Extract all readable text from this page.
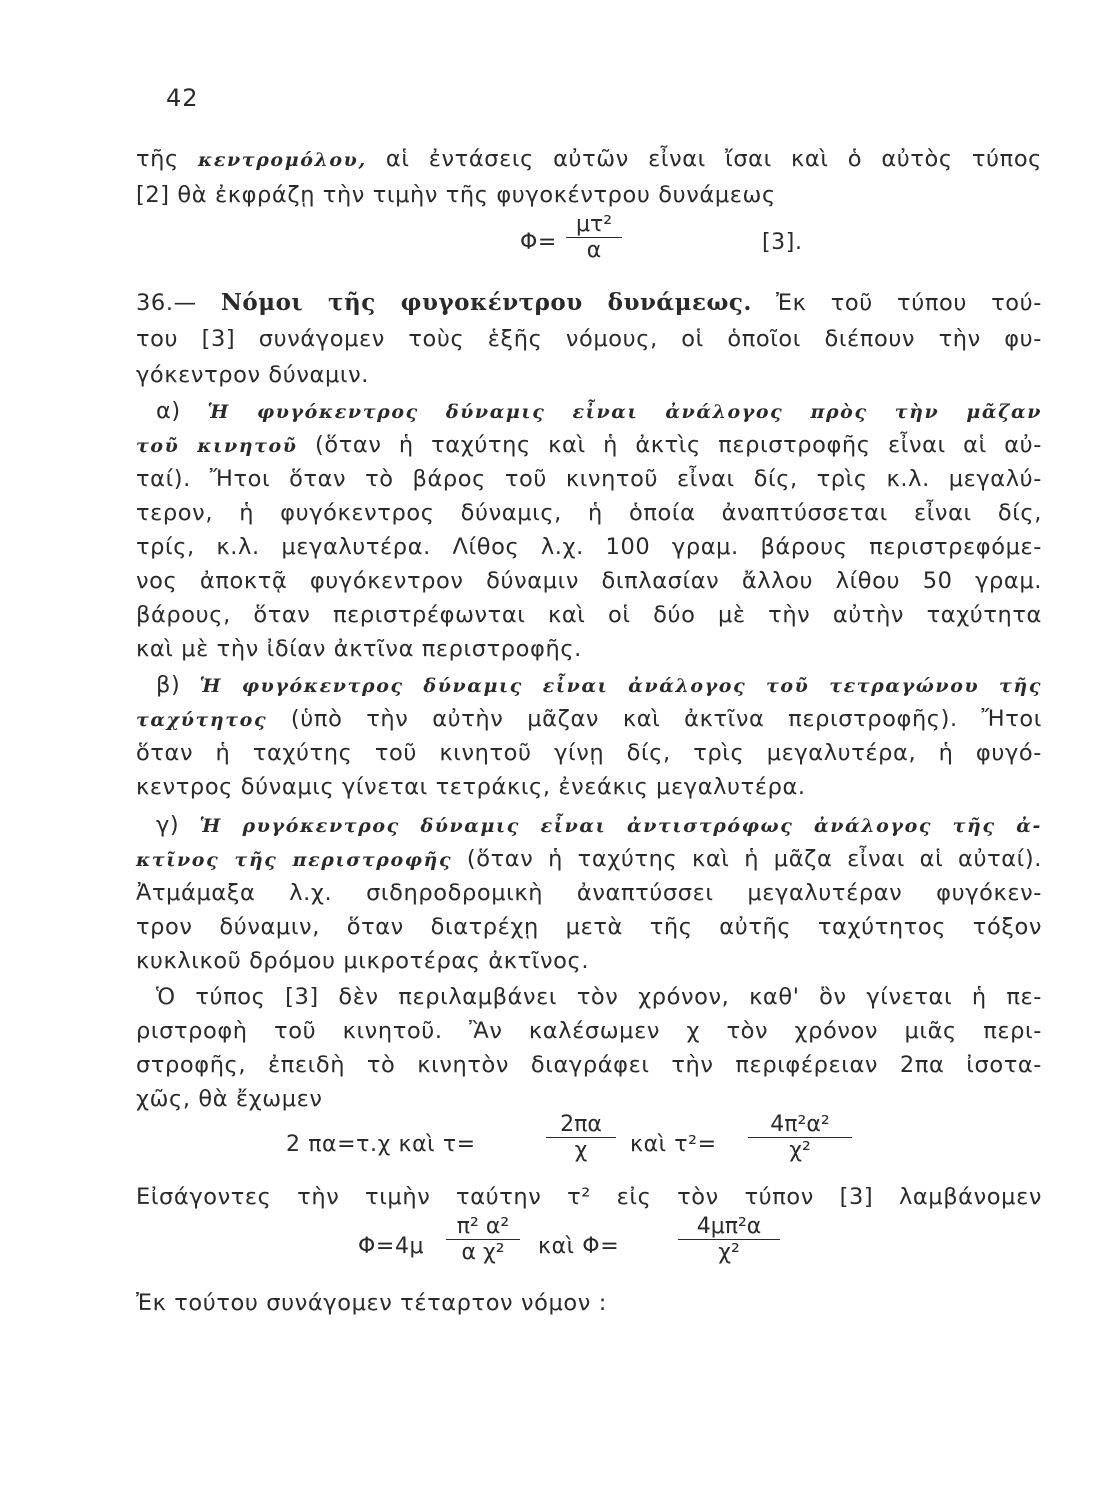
42
τῆς κεντρομόλου, αἱ ἐντάσεις αὐτῶν εἶναι ἴσαι καὶ ὁ αὐτὸς τύπος
[2] θὰ ἐκφράζῃ τὴν τιμὴν τῆς φυγοκέντρου δυνάμεως
Φ=
μτ²
α	[3].
36.— Νόμοι τῆς φυγοκέντρου δυνάμεως. Ἐκ τοῦ τύπου τού-
του [3] συνάγομεν τοὺς ἑξῆς νόμους, οἱ ὁποῖοι διέπουν τὴν φυ-
γόκεντρον δύναμιν.
α) Ἡ φυγόκεντρος δύναμις εἶναι ἀνάλογος πρὸς τὴν μᾶζαν
τοῦ κινητοῦ (ὅταν ἡ ταχύτης καὶ ἡ ἀκτὶς περιστροφῆς εἶναι αἱ αὐ-
ταί). Ἤτοι ὅταν τὸ βάρος τοῦ κινητοῦ εἶναι δίς, τρὶς κ.λ. μεγαλύ-
τερον, ἡ φυγόκεντρος δύναμις, ἡ ὁποία ἀναπτύσσεται εἶναι δίς,
τρίς, κ.λ. μεγαλυτέρα. Λίθος λ.χ. 100 γραμ. βάρους περιστρεφόμε-
νος ἀποκτᾷ φυγόκεντρον δύναμιν διπλασίαν ἄλλου λίθου 50 γραμ.
βάρους, ὅταν περιστρέφωνται καὶ οἱ δύο μὲ τὴν αὐτὴν ταχύτητα
καὶ μὲ τὴν ἰδίαν ἀκτῖνα περιστροφῆς.
β) Ἡ φυγόκεντρος δύναμις εἶναι ἀνάλογος τοῦ τετραγώνου τῆς
ταχύτητος (ὑπὸ τὴν αὐτὴν μᾶζαν καὶ ἀκτῖνα περιστροφῆς). Ἤτοι
ὅταν ἡ ταχύτης τοῦ κινητοῦ γίνῃ δίς, τρὶς μεγαλυτέρα, ἡ φυγό-
κεντρος δύναμις γίνεται τετράκις, ἐνεάκις μεγαλυτέρα.
γ) Ἡ ρυγόκεντρος δύναμις εἶναι ἀντιστρόφως ἀνάλογος τῆς ἀ-
κτῖνος τῆς περιστροφῆς (ὅταν ἡ ταχύτης καὶ ἡ μᾶζα εἶναι αἱ αὐταί).
Ἀτμάμαξα λ.χ. σιδηροδρομικὴ ἀναπτύσσει μεγαλυτέραν φυγόκεν-
τρον δύναμιν, ὅταν διατρέχῃ μετὰ τῆς αὐτῆς ταχύτητος τόξον
κυκλικοῦ δρόμου μικροτέρας ἀκτῖνος.
Ὁ τύπος [3] δὲν περιλαμβάνει τὸν χρόνον, καθ' ὃν γίνεται ἡ πε-
ριστροφὴ τοῦ κινητοῦ. Ἂν καλέσωμεν χ τὸν χρόνον μιᾶς περι-
στροφῆς, ἐπειδὴ τὸ κινητὸν διαγράφει τὴν περιφέρειαν 2πα ἰσοτα-
χῶς, θὰ ἔχωμεν
2 πα=τ.χ καὶ τ=
2πα
χ	καὶ τ²=
4π²α²
χ²
Εἰσάγοντες τὴν τιμὴν ταύτην τ² εἰς τὸν τύπον [3] λαμβάνομεν
Φ=4μ
π² α²
α χ²	καὶ Φ=
4μπ²α
χ²
Ἐκ τούτου συνάγομεν τέταρτον νόμον :
